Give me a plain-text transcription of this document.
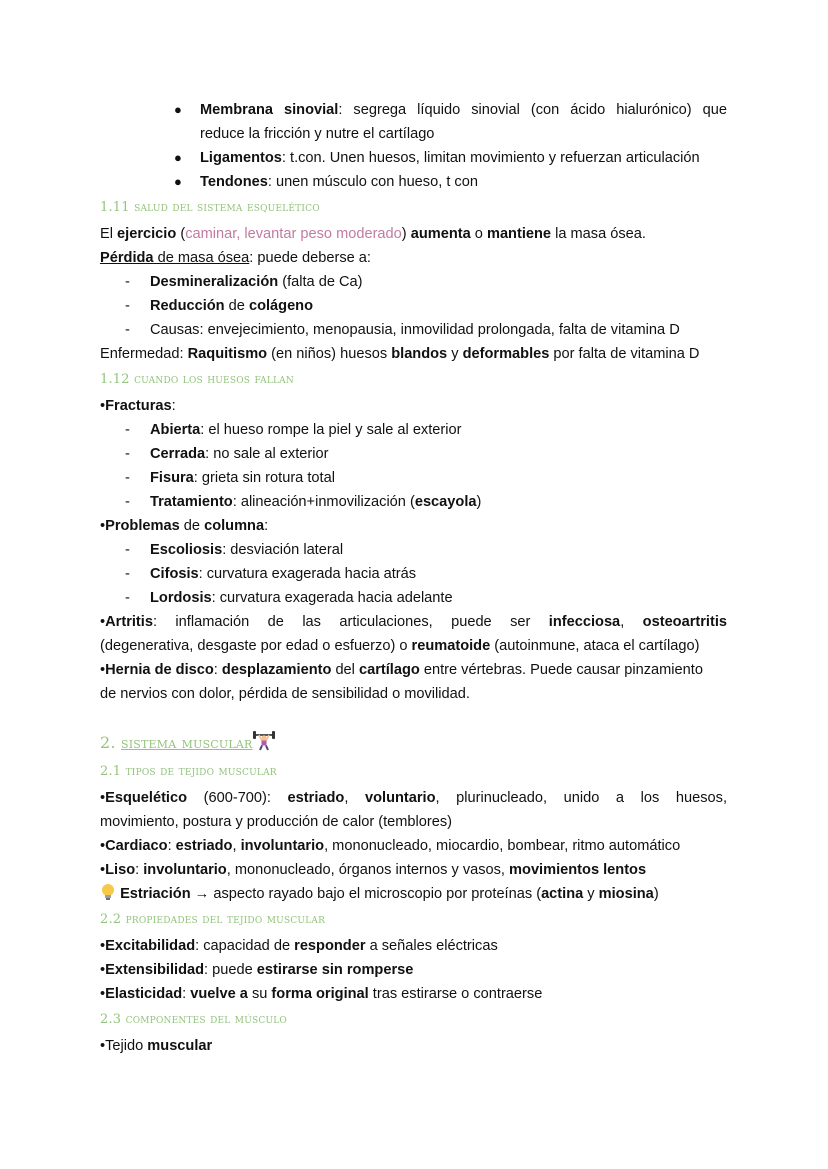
● Membrana sinovial: segrega líquido sinovial (con ácido hialurónico) que
reduce la fricción y nutre el cartílago
● Ligamentos: t.con. Unen huesos, limitan movimiento y refuerzan articulación
● Tendones: unen músculo con hueso, t con
1.11 salud del sistema esquelético
El ejercicio (caminar, levantar peso moderado) aumenta o mantiene la masa ósea.
Pérdida de masa ósea: puede deberse a:
- Desmineralización (falta de Ca)
- Reducción de colágeno
- Causas: envejecimiento, menopausia, inmovilidad prolongada, falta de vitamina D
Enfermedad: Raquitismo (en niños) huesos blandos y deformables por falta de vitamina D
1.12 cuando los huesos fallan
•Fracturas:
- Abierta: el hueso rompe la piel y sale al exterior
- Cerrada: no sale al exterior
- Fisura: grieta sin rotura total
- Tratamiento: alineación+inmovilización (escayola)
•Problemas de columna:
- Escoliosis: desviación lateral
- Cifosis: curvatura exagerada hacia atrás
- Lordosis: curvatura exagerada hacia adelante
•Artritis: inflamación de las articulaciones, puede ser infecciosa, osteoartritis
(degenerativa, desgaste por edad o esfuerzo) o reumatoide (autoinmune, ataca el cartílago)
•Hernia de disco: desplazamiento del cartílago entre vértebras. Puede causar pinzamiento
de nervios con dolor, pérdida de sensibilidad o movilidad.
2. sistema muscular
2.1 tipos de tejido muscular
•Esquelético (600-700): estriado, voluntario, plurinucleado, unido a los huesos,
movimiento, postura y producción de calor (temblores)
•Cardiaco: estriado, involuntario, mononucleado, miocardio, bombear, ritmo automático
•Liso: involuntario, mononucleado, órganos internos y vasos, movimientos lentos
Estriación → aspecto rayado bajo el microscopio por proteínas (actina y miosina)
2.2 propiedades del tejido muscular
•Excitabilidad: capacidad de responder a señales eléctricas
•Extensibilidad: puede estirarse sin romperse
•Elasticidad: vuelve a su forma original tras estirarse o contraerse
2.3 componentes del músculo
•Tejido muscular
